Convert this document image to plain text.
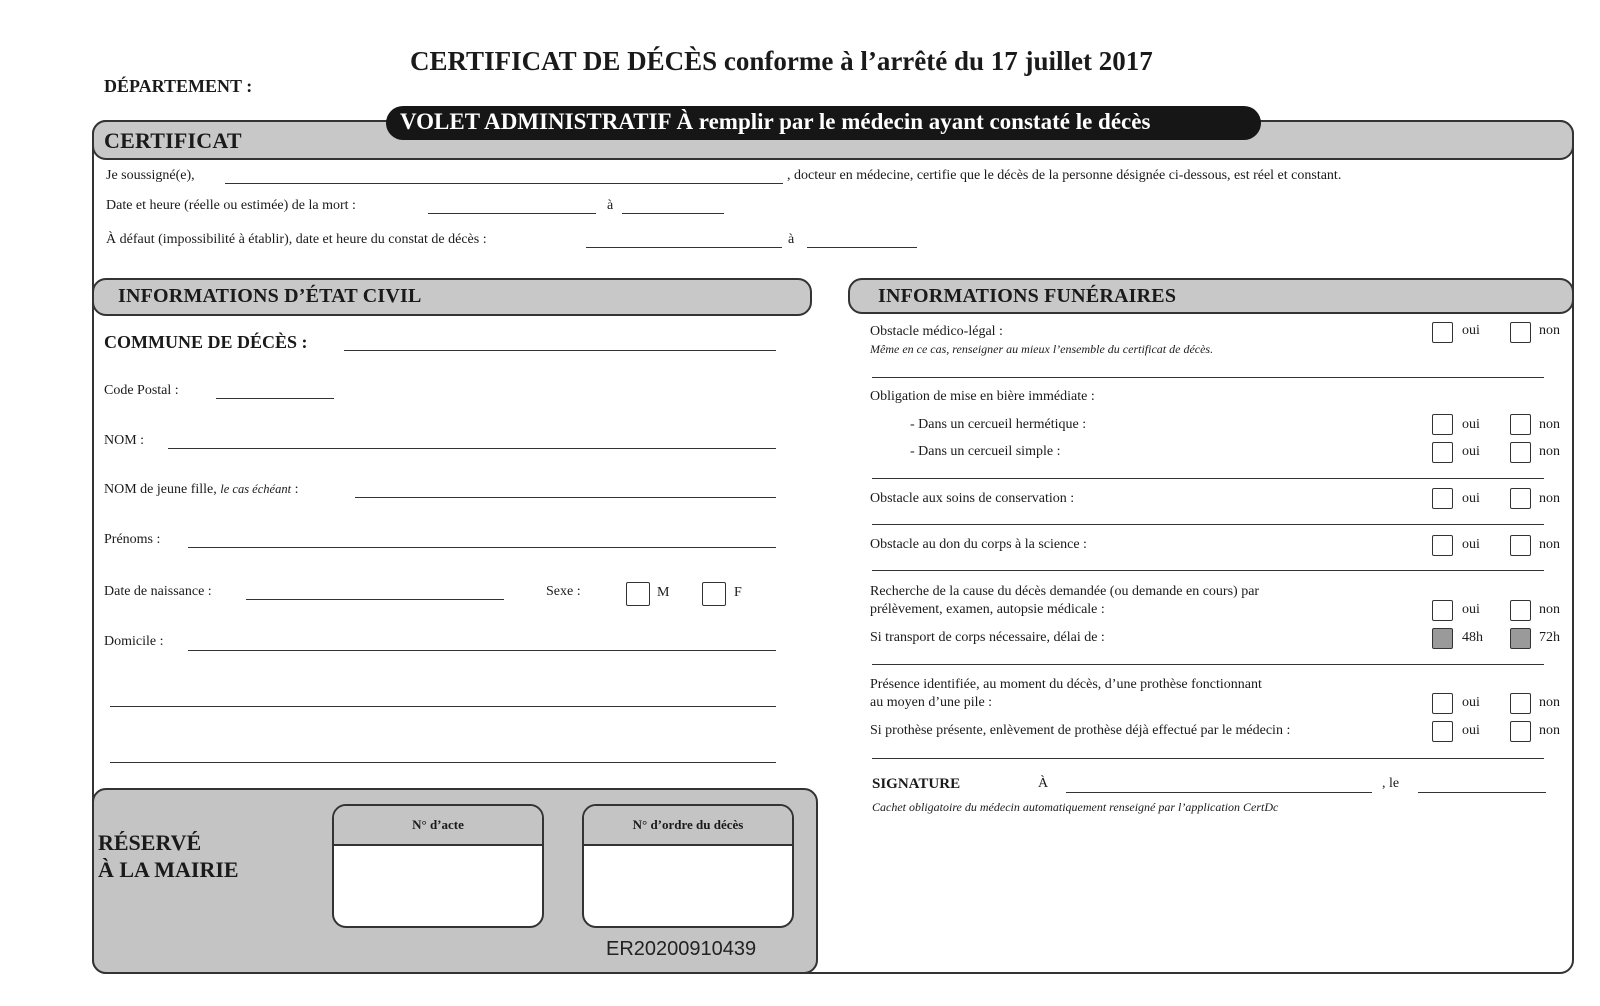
CERTIFICAT DE DÉCÈS conforme à l’arrêté du 17 juillet 2017
DÉPARTEMENT :
CERTIFICAT
VOLET ADMINISTRATIF À remplir par le médecin ayant constaté le décès
Je soussigné(e),	, docteur en médecine, certifie que le décès de la personne désignée ci-dessous, est réel et constant.
Date et heure (réelle ou estimée) de la mort :	à
À défaut (impossibilité à établir), date et heure du constat de décès :	à
INFORMATIONS D’ÉTAT CIVIL
COMMUNE DE DÉCÈS :
Code Postal :
NOM :
NOM de jeune fille, le cas échéant :
Prénoms :
Date de naissance :	Sexe :	M	F
Domicile :
RÉSERVÉ
À LA MAIRIE
N° d’acte	N° d’ordre du décès
ER20200910439
INFORMATIONS FUNÉRAIRES
Obstacle médico-légal :
Même en ce cas, renseigner au mieux l’ensemble du certificat de décès.
oui	non
Obligation de mise en bière immédiate :
- Dans un cercueil hermétique :	oui	non
- Dans un cercueil simple :	oui	non
Obstacle aux soins de conservation :	oui	non
Obstacle au don du corps à la science :	oui	non
Recherche de la cause du décès demandée (ou demande en cours) par
prélèvement, examen, autopsie médicale :	oui	non
Si transport de corps nécessaire, délai de :	48h	72h
Présence identifiée, au moment du décès, d’une prothèse fonctionnant
au moyen d’une pile :	oui	non
Si prothèse présente, enlèvement de prothèse déjà effectué par le médecin :	oui	non
SIGNATURE	À	, le
Cachet obligatoire du médecin automatiquement renseigné par l’application CertDc
